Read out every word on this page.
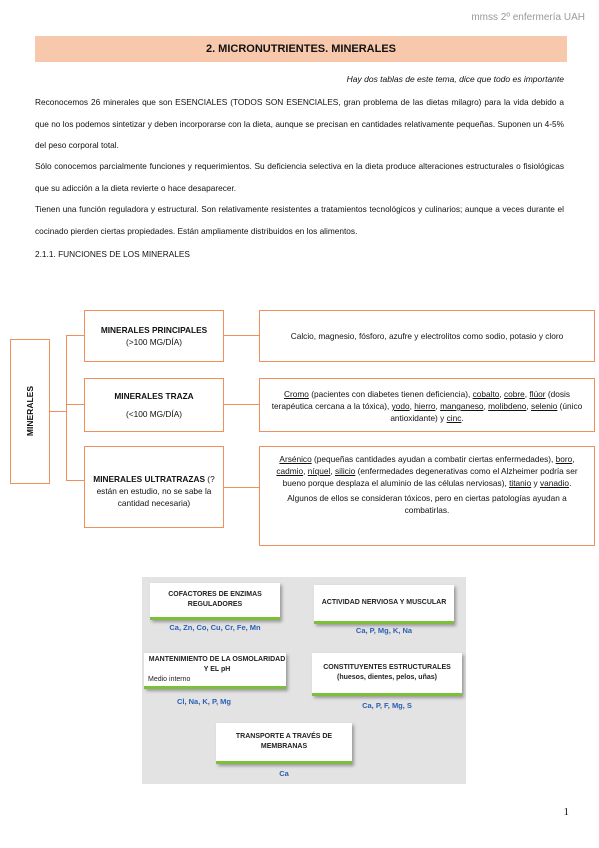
mmss 2º enfermería UAH
2. MICRONUTRIENTES. MINERALES
Hay dos tablas de este tema, dice que todo es importante
Reconocemos 26 minerales que son ESENCIALES (TODOS SON ESENCIALES, gran problema de las dietas milagro) para la vida debido a que no los podemos sintetizar y deben incorporarse con la dieta, aunque se precisan en cantidades relativamente pequeñas. Suponen un 4-5% del peso corporal total.
Sólo conocemos parcialmente funciones y requerimientos. Su deficiencia selectiva en la dieta produce alteraciones estructurales o fisiológicas que su adicción a la dieta revierte o hace desaparecer.
Tienen una función reguladora y estructural. Son relativamente resistentes a tratamientos tecnológicos y culinarios; aunque a veces durante el cocinado pierden ciertas propiedades. Están ampliamente distribuidos en los alimentos.
2.1.1. FUNCIONES DE LOS MINERALES
MINERALES
MINERALES PRINCIPALES
(>100 MG/DÍA)
Calcio, magnesio, fósforo, azufre y electrolitos como sodio, potasio y cloro
MINERALES TRAZA
(<100 MG/DÍA)
Cromo (pacientes con diabetes tienen deficiencia), cobalto, cobre, flúor (dosis terapéutica cercana a la tóxica), yodo, hierro, manganeso, molibdeno, selenio (único antioxidante) y cinc.
MINERALES ULTRATRAZAS (? están en estudio, no se sabe la cantidad necesaria)
Arsénico (pequeñas cantidades ayudan a combatir ciertas enfermedades), boro, cadmio, níquel, silicio (enfermedades degenerativas como el Alzheimer podría ser bueno porque desplaza el aluminio de las células nerviosas), titanio y vanadio.
Algunos de ellos se consideran tóxicos, pero en ciertas patologías ayudan a combatirlas.
COFACTORES DE ENZIMAS REGULADORES
Ca, Zn, Co, Cu, Cr, Fe, Mn
ACTIVIDAD NERVIOSA Y MUSCULAR
Ca, P, Mg, K, Na
MANTENIMIENTO DE LA OSMOLARIDAD Y EL pH
Medio interno
Cl, Na, K, P, Mg
CONSTITUYENTES ESTRUCTURALES
(huesos, dientes, pelos, uñas)
Ca, P, F, Mg, S
TRANSPORTE A TRAVÉS DE MEMBRANAS
Ca
1
